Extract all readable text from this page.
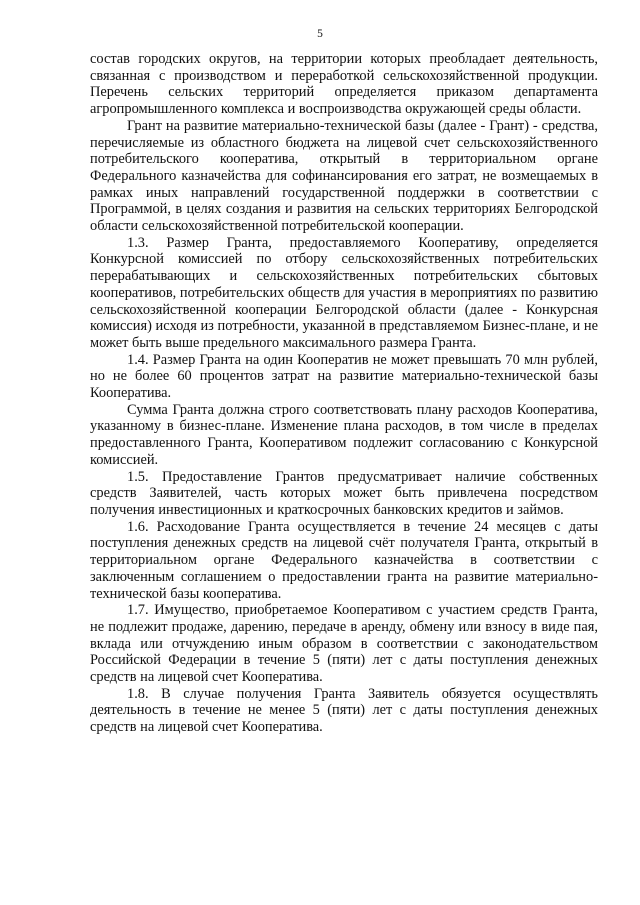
5

состав городских округов, на территории которых преобладает деятельность, связанная с производством и переработкой сельскохозяйственной продукции. Перечень сельских территорий определяется приказом департамента агропромышленного комплекса и воспроизводства окружающей среды области.

Грант на развитие материально-технической базы (далее - Грант) - средства, перечисляемые из областного бюджета на лицевой счет сельскохозяйственного потребительского кооператива, открытый в территориальном органе Федерального казначейства для софинансирования его затрат, не возмещаемых в рамках иных направлений государственной поддержки в соответствии с Программой, в целях создания и развития на сельских территориях Белгородской области сельскохозяйственной потребительской кооперации.

1.3. Размер Гранта, предоставляемого Кооперативу, определяется Конкурсной комиссией по отбору сельскохозяйственных потребительских перерабатывающих и сельскохозяйственных потребительских сбытовых кооперативов, потребительских обществ для участия в мероприятиях по развитию сельскохозяйственной кооперации Белгородской области (далее - Конкурсная комиссия) исходя из потребности, указанной в представляемом Бизнес-плане, и не может быть выше предельного максимального размера Гранта.

1.4. Размер Гранта на один Кооператив не может превышать 70 млн рублей, но не более 60 процентов затрат на развитие материально-технической базы Кооператива.

Сумма Гранта должна строго соответствовать плану расходов Кооператива, указанному в бизнес-плане. Изменение плана расходов, в том числе в пределах предоставленного Гранта, Кооперативом подлежит согласованию с Конкурсной комиссией.

1.5. Предоставление Грантов предусматривает наличие собственных средств Заявителей, часть которых может быть привлечена посредством получения инвестиционных и краткосрочных банковских кредитов и займов.

1.6. Расходование Гранта осуществляется в течение 24 месяцев с даты поступления денежных средств на лицевой счёт получателя Гранта, открытый в территориальном органе Федерального казначейства в соответствии с заключенным соглашением о предоставлении гранта на развитие материально-технической базы кооператива.

1.7. Имущество, приобретаемое Кооперативом с участием средств Гранта, не подлежит продаже, дарению, передаче в аренду, обмену или взносу в виде пая, вклада или отчуждению иным образом в соответствии с законодательством Российской Федерации в течение 5 (пяти) лет с даты поступления денежных средств на лицевой счет Кооператива.

1.8. В случае получения Гранта Заявитель обязуется осуществлять деятельность в течение не менее 5 (пяти) лет с даты поступления денежных средств на лицевой счет Кооператива.
